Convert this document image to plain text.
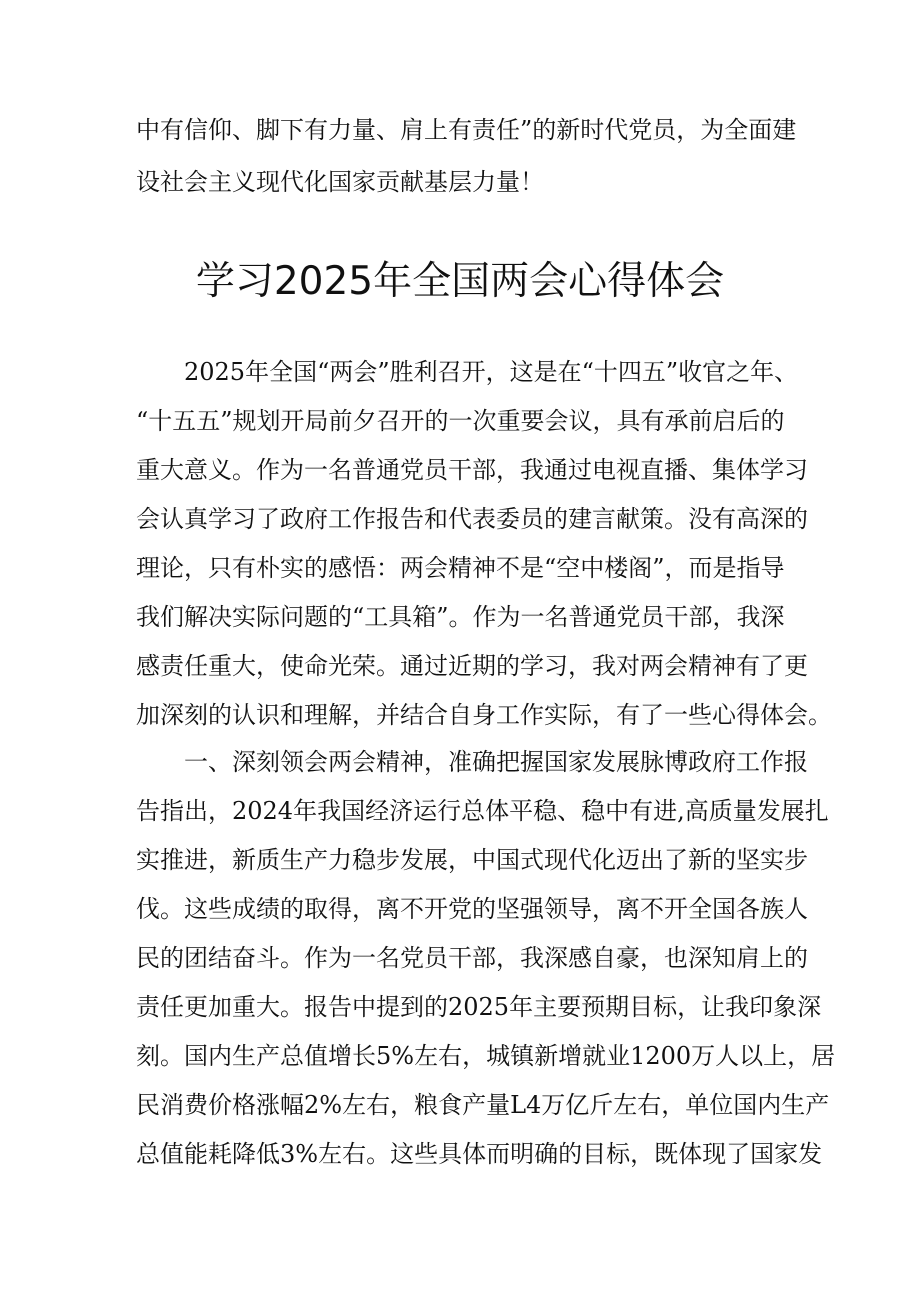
中有信仰、脚下有力量、肩上有责任”的新时代党员，为全面建

设社会主义现代化国家贡献基层力量！

学习2025年全国两会心得体会

　　2025年全国“两会”胜利召开，这是在“十四五”收官之年、

“十五五”规划开局前夕召开的一次重要会议，具有承前启后的

重大意义。作为一名普通党员干部，我通过电视直播、集体学习

会认真学习了政府工作报告和代表委员的建言献策。没有高深的

理论，只有朴实的感悟：两会精神不是“空中楼阁”，而是指导

我们解决实际问题的“工具箱”。作为一名普通党员干部，我深

感责任重大，使命光荣。通过近期的学习，我对两会精神有了更

加深刻的认识和理解，并结合自身工作实际，有了一些心得体会。

　　一、深刻领会两会精神，准确把握国家发展脉博政府工作报

告指出，2024年我国经济运行总体平稳、稳中有进,高质量发展扎

实推进，新质生产力稳步发展，中国式现代化迈出了新的坚实步

伐。这些成绩的取得，离不开党的坚强领导，离不开全国各族人

民的团结奋斗。作为一名党员干部，我深感自豪，也深知肩上的

责任更加重大。报告中提到的2025年主要预期目标，让我印象深

刻。国内生产总值增长5%左右，城镇新增就业1200万人以上，居

民消费价格涨幅2%左右，粮食产量L4万亿斤左右，单位国内生产

总值能耗降低3%左右。这些具体而明确的目标，既体现了国家发
